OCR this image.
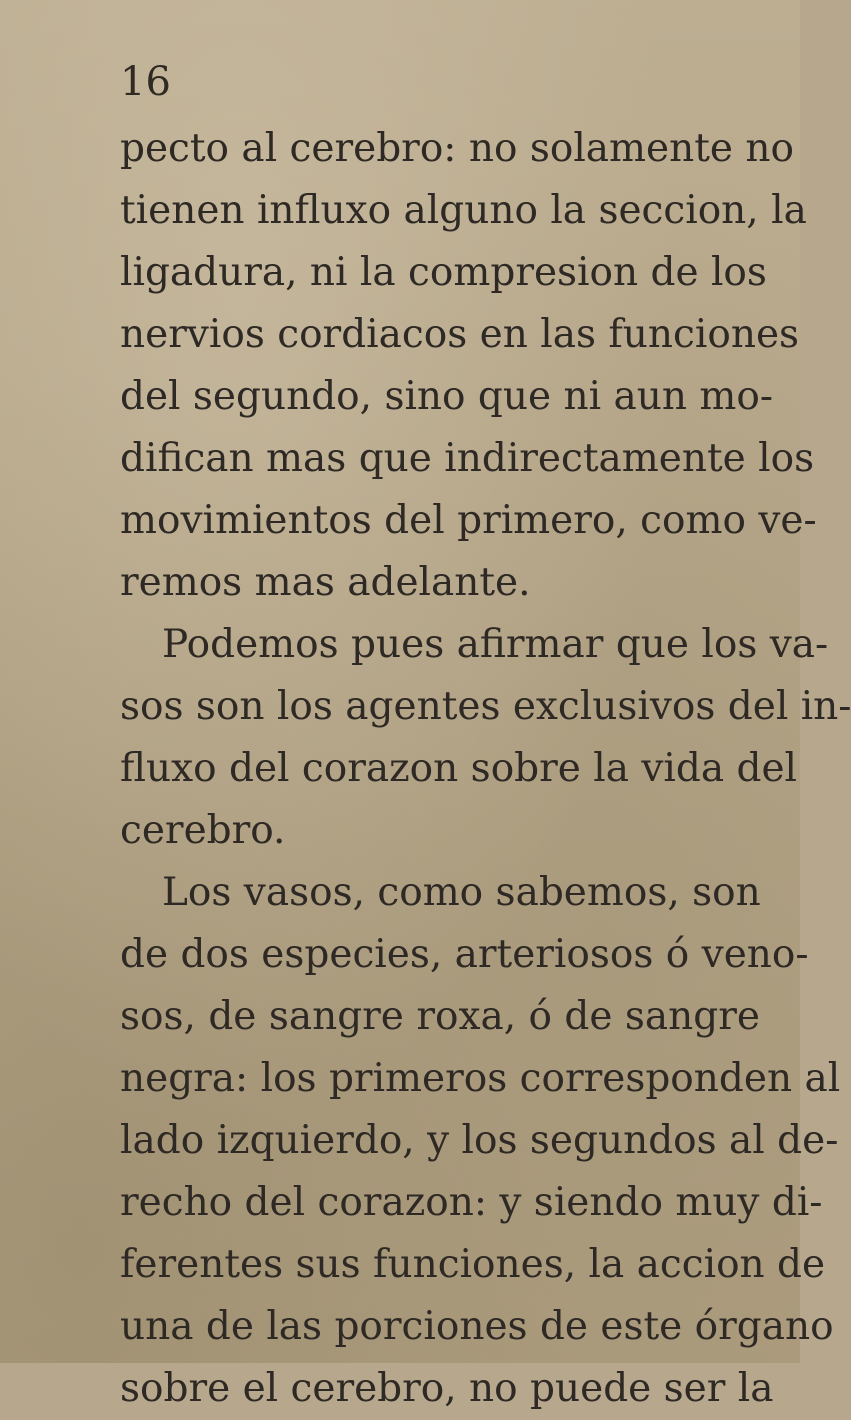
16

pecto al cerebro: no solamente no

tienen influxo alguno la seccion, la

ligadura, ni la compresion de los

nervios cordiacos en las funciones

del segundo, sino que ni aun mo-

difican mas que indirectamente los

movimientos del primero, como ve-

remos mas adelante.

Podemos pues afirmar que los va-

sos son los agentes exclusivos del in-

fluxo del corazon sobre la vida del

cerebro.

Los vasos, como sabemos, son

de dos especies, arteriosos ó veno-

sos, de sangre roxa, ó de sangre

negra: los primeros corresponden al

lado izquierdo, y los segundos al de-

recho del corazon: y siendo muy di-

ferentes sus funciones, la accion de

una de las porciones de este órgano

sobre el cerebro, no puede ser la
